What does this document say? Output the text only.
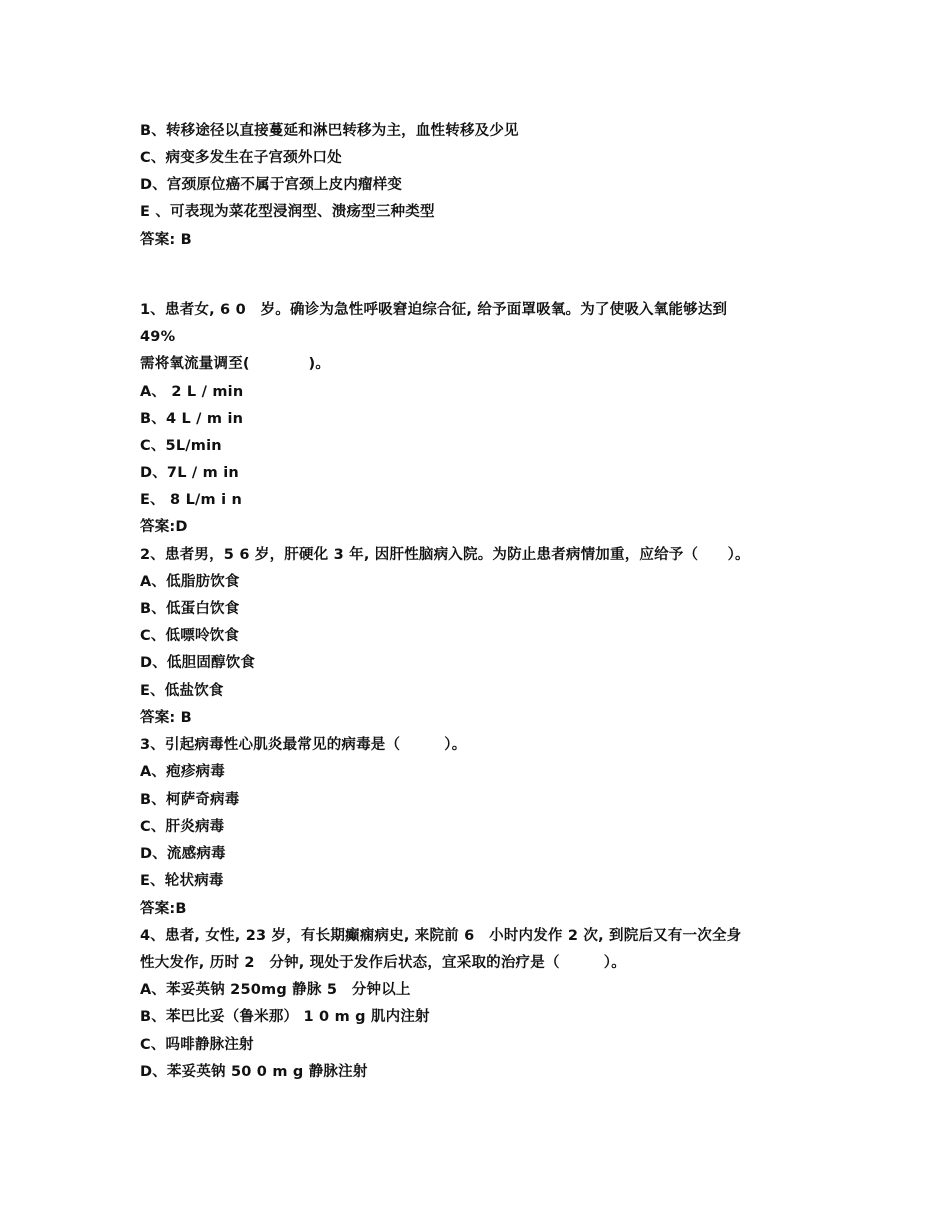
B、转移途径以直接蔓延和淋巴转移为主，血性转移及少见
C、病变多发生在子宫颈外口处
D、宫颈原位癌不属于宫颈上皮内瘤样变
E 、可表现为菜花型浸润型、溃疡型三种类型
答案: B
1、患者女, 6 0　岁。确诊为急性呼吸窘迫综合征, 给予面罩吸氧。为了使吸入氧能够达到
49%
需将氧流量调至(　　　　)。
A、 2 L / min
B、4 L / m in
C、5L/min
D、7L / m in
E、 8 L/m i n
答案:D
2、患者男，5 6 岁，肝硬化 3 年, 因肝性脑病入院。为防止患者病情加重，应给予（　　）。
A、低脂肪饮食
B、低蛋白饮食
C、低嘌呤饮食
D、低胆固醇饮食
E、低盐饮食
答案: B
3、引起病毒性心肌炎最常见的病毒是（　　　）。
A、疱疹病毒
B、柯萨奇病毒
C、肝炎病毒
D、流感病毒
E、轮状病毒
答案:B
4、患者, 女性, 23 岁，有长期癫痫病史, 来院前 6　小时内发作 2 次, 到院后又有一次全身
性大发作, 历时 2　分钟, 现处于发作后状态，宜采取的治疗是（　　　）。
A、苯妥英钠 250mg 静脉 5　分钟以上
B、苯巴比妥（鲁米那） 1 0 m g 肌内注射
C、吗啡静脉注射
D、苯妥英钠 50 0 m g 静脉注射
